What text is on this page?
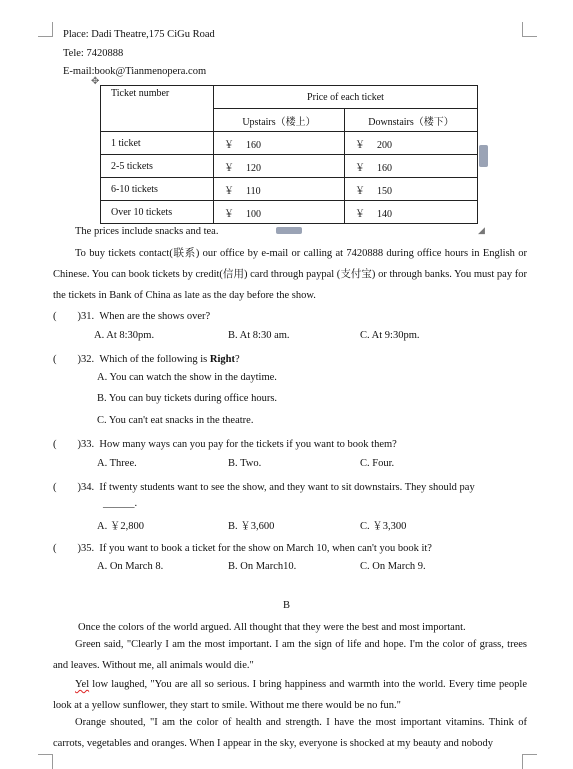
Place: Dadi Theatre,175 CiGu Road
Tele: 7420888
E-mail:book@Tianmenopera.com
✥
Ticket number	Price of each ticket	
	Upstairs（楼上）	Downstairs（楼下）
1 ticket	￥ 160	￥ 200
2-5 tickets	￥ 120	￥ 160
6-10 tickets	￥ 110	￥ 150
Over 10 tickets	￥ 100	￥ 140
◢
The prices include snacks and tea.
To buy tickets contact(联系) our office by e-mail or calling at 7420888 during office hours in English or Chinese. You can book tickets by credit(信用) card through paypal (支付宝) or through banks. You must pay for the tickets in Bank of China as late as the day before the show.
(　　)31. When are the shows over?
A. At 8:30pm.	B. At 8:30 am.	C. At 9:30pm.
(　　)32. Which of the following is Right?
A. You can watch the show in the daytime.
B. You can buy tickets during office hours.
C. You can't eat snacks in the theatre.
(　　)33. How many ways can you pay for the tickets if you want to book them?
A. Three.	B. Two.	C. Four.
(　　)34. If twenty students want to see the show, and they want to sit downstairs. They should pay
______.
A. ￥2,800	B. ￥3,600	C. ￥3,300
(　　)35. If you want to book a ticket for the show on March 10, when can't you book it?
A. On March 8.	B. On March10.	C. On March 9.
B
Once the colors of the world argued. All thought that they were the best and most important.
Green said, "Clearly I am the most important. I am the sign of life and hope. I'm the color of grass, trees and leaves. Without me, all animals would die."
Yel low laughed, "You are all so serious. I bring happiness and warmth into the world. Every time people look at a yellow sunflower, they start to smile. Without me there would be no fun."
Orange shouted, "I am the color of health and strength. I have the most important vitamins. Think of carrots, vegetables and oranges. When I appear in the sky, everyone is shocked at my beauty and nobody
